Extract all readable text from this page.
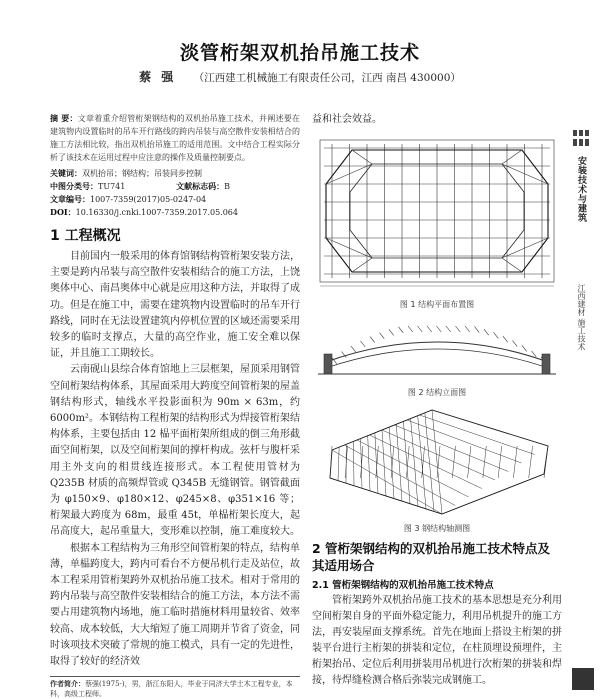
淡管桁架双机抬吊施工技术
蔡 强 （江西建工机械施工有限责任公司，江西 南昌 430000）
摘 要：文章着重介绍管桁架钢结构的双机抬吊施工技术，并阐述要在建筑物内设置临时的吊车开行路线的跨内吊装与高空散件安装相结合的施工方法相比较，指出双机抬吊施工的适用范围。文中结合工程实际分析了该技术在运用过程中应注意的操作及质量控制要点。
关键词：双机抬吊；钢结构；吊装同步控制
中图分类号：TU741	文献标志码：B
文章编号：1007-7359(2017)05-0247-04
DOI：10.16330/j.cnki.1007-7359.2017.05.064
1 工程概况

目前国内一般采用的体育馆钢结构管桁架安装方法，主要是跨内吊装与高空散件安装相结合的施工方法，上饶奥体中心、南昌奥体中心就是应用这种方法，并取得了成功。但是在施工中，需要在建筑物内设置临时的吊车开行路线，同时在无法设置建筑内停机位置的区域还需要采用较多的临时支撑点，大量的高空作业，施工安全难以保证，并且施工工期较长。

云南砚山县综合体育馆地上三层框架，屋顶采用钢管空间桁架结构体系，其屋面采用大跨度空间管桁架的屋盖钢结构形式，轴线水平投影面积为 90m × 63m，约 6000m²。本钢结构工程桁架的结构形式为焊接管桁架结构体系，主要包括由 12 榀平面桁架所组成的倒三角形截面空间桁架，以及空间桁架间的撑杆构成。弦杆与腹杆采用主外支向的相贯线连接形式。本工程使用管材为 Q235B 材质的高频焊管或 Q345B 无缝钢管。钢管截面为 φ150×9、φ180×12、φ245×8、φ351×16 等；桁架最大跨度为 68m，最重 45t，单榀桁架长度大，起吊高度大，起吊重量大，变形难以控制，施工难度较大。

根据本工程结构为三角形空间管桁架的特点，结构单薄，单榀跨度大，跨内可看台不方便吊机行走及站位，故本工程采用管桁架跨外双机抬吊施工技术。相对于常用的跨内吊装与高空散件安装相结合的施工方法，本方法不需要占用建筑物内场地，施工临时措施材料用量较省、效率较高、成本较低，大大缩短了施工周期并节省了资金，同时该项技术突破了常规的施工模式，具有一定的先进性，取得了较好的经济效

作者简介：蔡强(1975-)，男，浙江东阳人，毕业于同济大学土木工程专业，本科，高级工程师。

益和社会效益。

图 1 结构平面布置图

图 2 结构立面图

图 3 钢结构轴测图

2 管桁架钢结构的双机抬吊施工技术特点及其适用场合
2.1 管桁架钢结构的双机抬吊施工技术特点

管桁架跨外双机抬吊施工技术的基本思想是充分利用空间桁架自身的平面外稳定能力，利用吊机提升的施工方法，再安装屋面支撑系统。首先在地面上搭设主桁架的拼装平台进行主桁架的拼装和定位，在柱顶埋设预埋件，主桁架抬吊、定位后利用拼装用吊机进行次桁架的拼装和焊接，待焊缝检测合格后弥装完成钢施工。

安装技术与建筑
江西建材 施工技术
